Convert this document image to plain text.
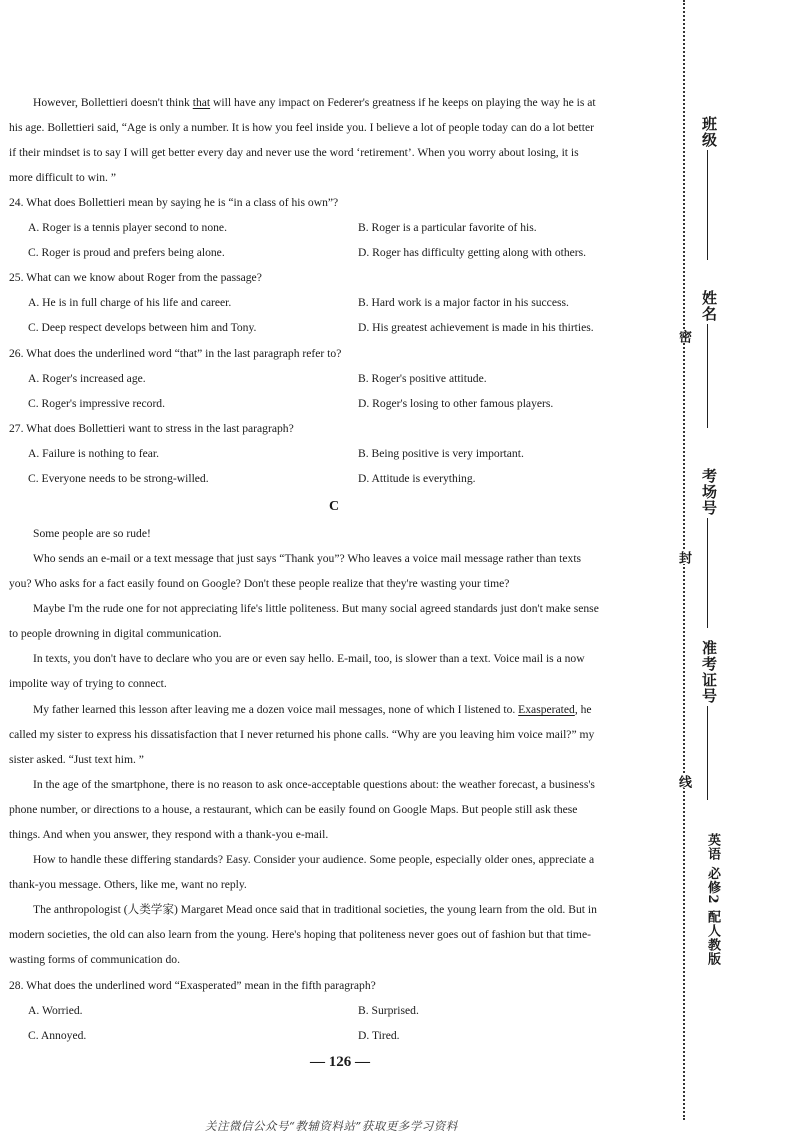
However, Bollettieri doesn't think that will have any impact on Federer's greatness if he keeps on playing the way he is at
his age. Bollettieri said, “Age is only a number. It is how you feel inside you. I believe a lot of people today can do a lot better
if their mindset is to say I will get better every day and never use the word ‘retirement’. When you worry about losing, it is
more difficult to win. ”
24. What does Bollettieri mean by saying he is “in a class of his own”?
A. Roger is a tennis player second to none.	B. Roger is a particular favorite of his.
C. Roger is proud and prefers being alone.	D. Roger has difficulty getting along with others.
25. What can we know about Roger from the passage?
A. He is in full charge of his life and career.	B. Hard work is a major factor in his success.
C. Deep respect develops between him and Tony.	D. His greatest achievement is made in his thirties.
26. What does the underlined word “that” in the last paragraph refer to?
A. Roger's increased age.	B. Roger's positive attitude.
C. Roger's impressive record.	D. Roger's losing to other famous players.
27. What does Bollettieri want to stress in the last paragraph?
A. Failure is nothing to fear.	B. Being positive is very important.
C. Everyone needs to be strong-willed.	D. Attitude is everything.
C
Some people are so rude!
Who sends an e-mail or a text message that just says “Thank you”? Who leaves a voice mail message rather than texts
you? Who asks for a fact easily found on Google? Don't these people realize that they're wasting your time?
Maybe I'm the rude one for not appreciating life's little politeness. But many social agreed standards just don't make sense
to people drowning in digital communication.
In texts, you don't have to declare who you are or even say hello. E-mail, too, is slower than a text. Voice mail is a now
impolite way of trying to connect.
My father learned this lesson after leaving me a dozen voice mail messages, none of which I listened to. Exasperated, he
called my sister to express his dissatisfaction that I never returned his phone calls. “Why are you leaving him voice mail?” my
sister asked. “Just text him. ”
In the age of the smartphone, there is no reason to ask once-acceptable questions about: the weather forecast, a business's
phone number, or directions to a house, a restaurant, which can be easily found on Google Maps. But people still ask these
things. And when you answer, they respond with a thank-you e-mail.
How to handle these differing standards? Easy. Consider your audience. Some people, especially older ones, appreciate a
thank-you message. Others, like me, want no reply.
The anthropologist (人类学家) Margaret Mead once said that in traditional societies, the young learn from the old. But in
modern societies, the old can also learn from the young. Here's hoping that politeness never goes out of fashion but that time-
wasting forms of communication do.
28. What does the underlined word “Exasperated” mean in the fifth paragraph?
A. Worried.	B. Surprised.
C. Annoyed.	D. Tired.
— 126 —
关注微信公众号“教辅资料站”获取更多学习资料
班级
姓名
考场号
准考证号
密
封
线
英语 必修2 配人教版
